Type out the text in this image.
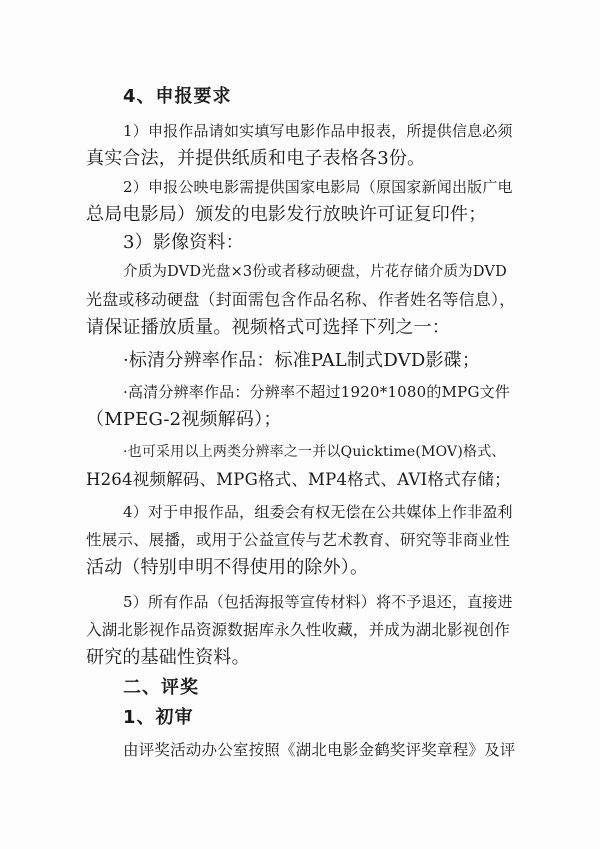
4、申报要求
1）申报作品请如实填写电影作品申报表，所提供信息必须
真实合法，并提供纸质和电子表格各3份。
2）申报公映电影需提供国家电影局（原国家新闻出版广电
总局电影局）颁发的电影发行放映许可证复印件；
3）影像资料：
介质为DVD光盘×3份或者移动硬盘，片花存储介质为DVD
光盘或移动硬盘（封面需包含作品名称、作者姓名等信息），
请保证播放质量。视频格式可选择下列之一：
·标清分辨率作品：标准PAL制式DVD影碟；
·高清分辨率作品：分辨率不超过1920*1080的MPG文件
（MPEG-2视频解码）；
·也可采用以上两类分辨率之一并以Quicktime(MOV)格式、
H264视频解码、MPG格式、MP4格式、AVI格式存储；
4）对于申报作品，组委会有权无偿在公共媒体上作非盈利
性展示、展播，或用于公益宣传与艺术教育、研究等非商业性
活动（特别申明不得使用的除外）。
5）所有作品（包括海报等宣传材料）将不予退还，直接进
入湖北影视作品资源数据库永久性收藏，并成为湖北影视创作
研究的基础性资料。
二、评奖
1、初审
由评奖活动办公室按照《湖北电影金鹤奖评奖章程》及评
